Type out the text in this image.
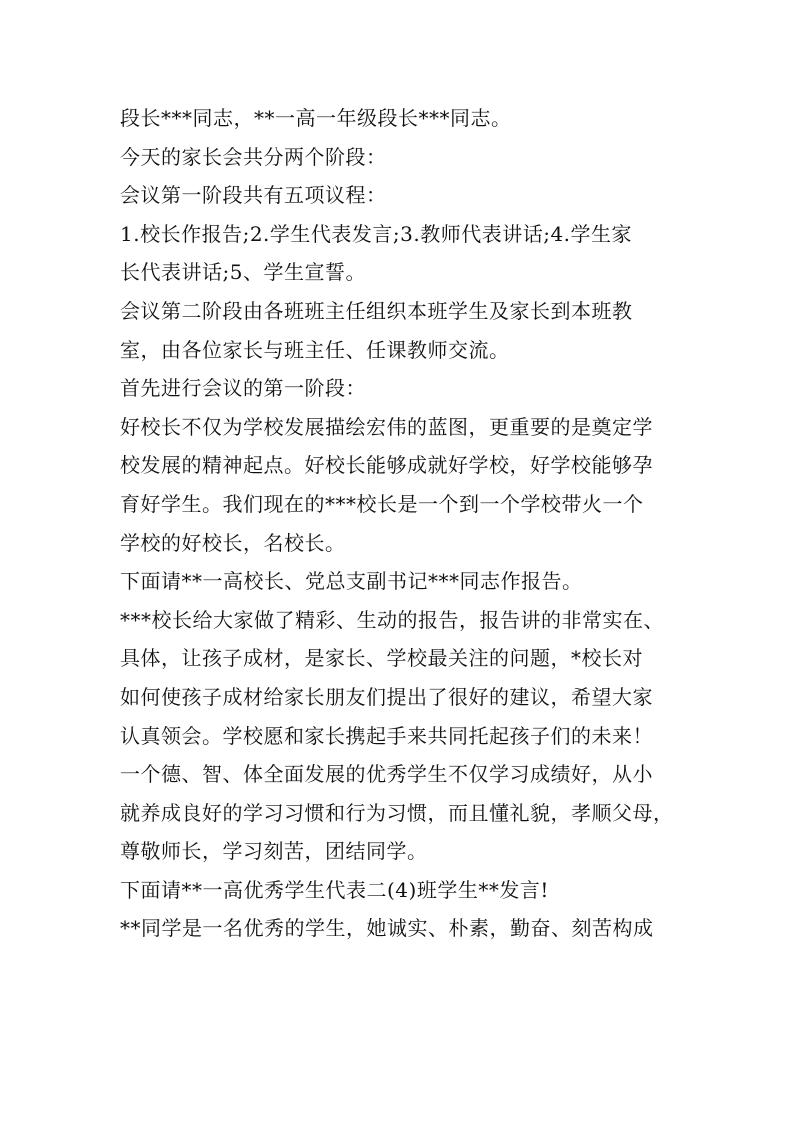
段长***同志，**一高一年级段长***同志。
今天的家长会共分两个阶段：
会议第一阶段共有五项议程：
1.校长作报告;2.学生代表发言;3.教师代表讲话;4.学生家
长代表讲话;5、学生宣誓。
会议第二阶段由各班班主任组织本班学生及家长到本班教
室，由各位家长与班主任、任课教师交流。
首先进行会议的第一阶段：
好校长不仅为学校发展描绘宏伟的蓝图，更重要的是奠定学
校发展的精神起点。好校长能够成就好学校，好学校能够孕
育好学生。我们现在的***校长是一个到一个学校带火一个
学校的好校长，名校长。
下面请**一高校长、党总支副书记***同志作报告。
***校长给大家做了精彩、生动的报告，报告讲的非常实在、
具体，让孩子成材，是家长、学校最关注的问题，*校长对
如何使孩子成材给家长朋友们提出了很好的建议，希望大家
认真领会。学校愿和家长携起手来共同托起孩子们的未来！
一个德、智、体全面发展的优秀学生不仅学习成绩好，从小
就养成良好的学习习惯和行为习惯，而且懂礼貌，孝顺父母，
尊敬师长，学习刻苦，团结同学。
下面请**一高优秀学生代表二(4)班学生**发言!
**同学是一名优秀的学生，她诚实、朴素，勤奋、刻苦构成
